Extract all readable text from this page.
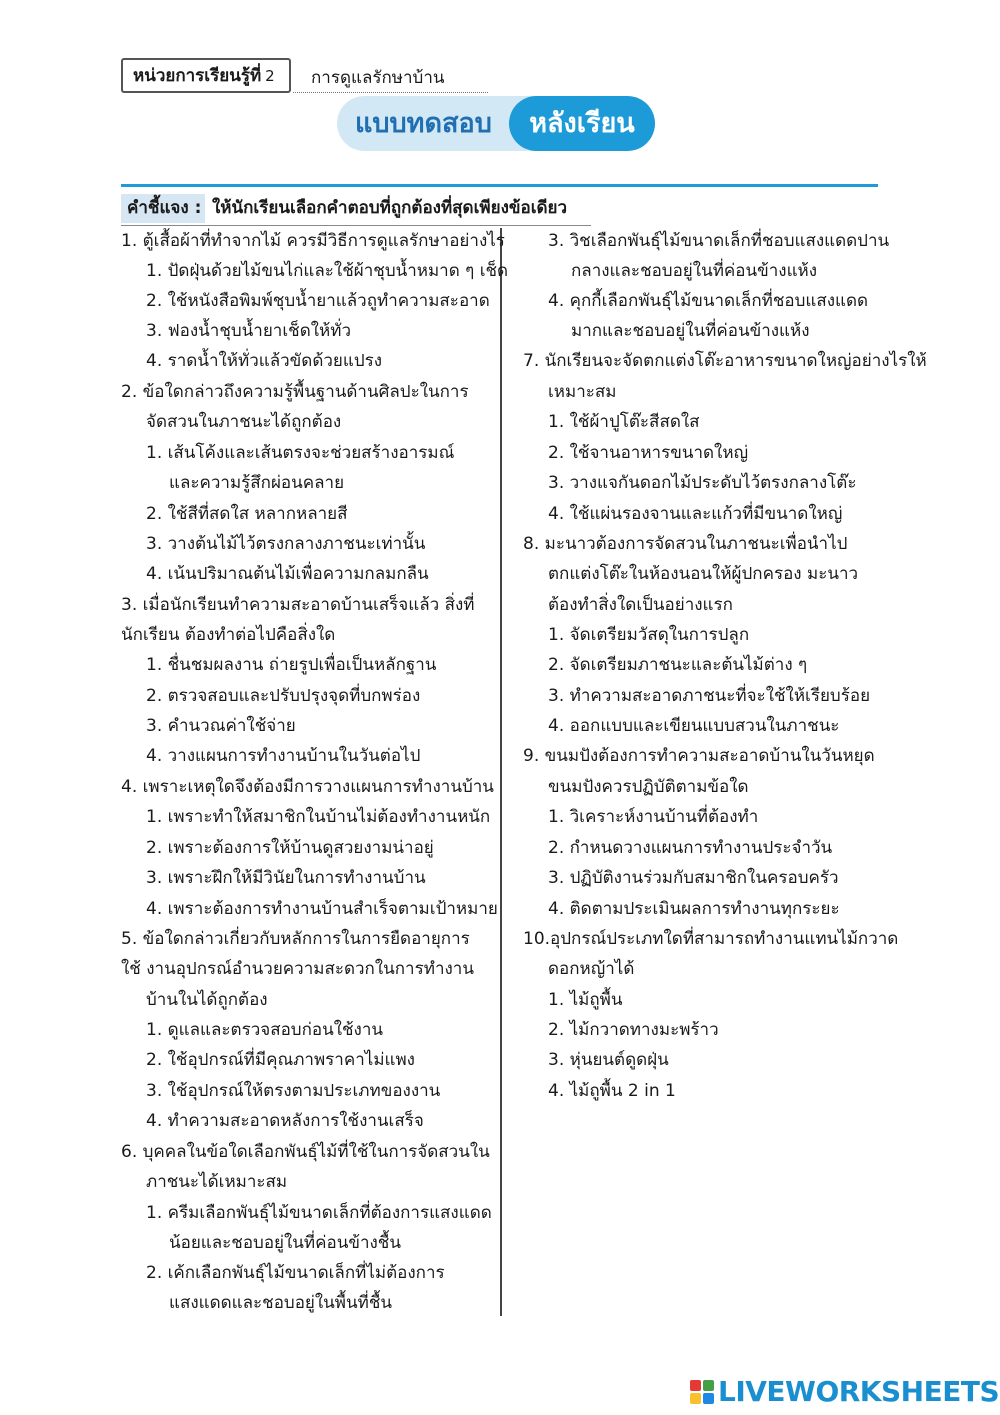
หน่วยการเรียนรู้ที่ 2	การดูแลรักษาบ้าน
แบบทดสอบ	หลังเรียน
คำชี้แจง : ให้นักเรียนเลือกคำตอบที่ถูกต้องที่สุดเพียงข้อเดียว
1. ตู้เสื้อผ้าที่ทำจากไม้ ควรมีวิธีการดูแลรักษาอย่างไร
1. ปัดฝุ่นด้วยไม้ขนไก่และใช้ผ้าชุบน้ำหมาด ๆ เช็ด
2. ใช้หนังสือพิมพ์ชุบน้ำยาแล้วถูทำความสะอาด
3. ฟองน้ำชุบน้ำยาเช็ดให้ทั่ว
4. ราดน้ำให้ทั่วแล้วขัดด้วยแปรง
2. ข้อใดกล่าวถึงความรู้พื้นฐานด้านศิลปะในการ
จัดสวนในภาชนะได้ถูกต้อง
1. เส้นโค้งและเส้นตรงจะช่วยสร้างอารมณ์
และความรู้สึกผ่อนคลาย
2. ใช้สีที่สดใส หลากหลายสี
3. วางต้นไม้ไว้ตรงกลางภาชนะเท่านั้น
4. เน้นปริมาณต้นไม้เพื่อความกลมกลืน
3. เมื่อนักเรียนทำความสะอาดบ้านเสร็จแล้ว สิ่งที่
นักเรียน ต้องทำต่อไปคือสิ่งใด
1. ชื่นชมผลงาน ถ่ายรูปเพื่อเป็นหลักฐาน
2. ตรวจสอบและปรับปรุงจุดที่บกพร่อง
3. คำนวณค่าใช้จ่าย
4. วางแผนการทำงานบ้านในวันต่อไป
4. เพราะเหตุใดจึงต้องมีการวางแผนการทำงานบ้าน
1. เพราะทำให้สมาชิกในบ้านไม่ต้องทำงานหนัก
2. เพราะต้องการให้บ้านดูสวยงามน่าอยู่
3. เพราะฝึกให้มีวินัยในการทำงานบ้าน
4. เพราะต้องการทำงานบ้านสำเร็จตามเป้าหมาย
5. ข้อใดกล่าวเกี่ยวกับหลักการในการยืดอายุการ
ใช้ งานอุปกรณ์อำนวยความสะดวกในการทำงาน
บ้านในได้ถูกต้อง
1. ดูแลและตรวจสอบก่อนใช้งาน
2. ใช้อุปกรณ์ที่มีคุณภาพราคาไม่แพง
3. ใช้อุปกรณ์ให้ตรงตามประเภทของงาน
4. ทำความสะอาดหลังการใช้งานเสร็จ
6. บุคคลในข้อใดเลือกพันธุ์ไม้ที่ใช้ในการจัดสวนใน
ภาชนะได้เหมาะสม
1. ครีมเลือกพันธุ์ไม้ขนาดเล็กที่ต้องการแสงแดด
น้อยและชอบอยู่ในที่ค่อนข้างชื้น
2. เค้กเลือกพันธุ์ไม้ขนาดเล็กที่ไม่ต้องการ
แสงแดดและชอบอยู่ในพื้นที่ชื้น
3. วิชเลือกพันธุ์ไม้ขนาดเล็กที่ชอบแสงแดดปาน
กลางและชอบอยู่ในที่ค่อนข้างแห้ง
4. คุกกี้เลือกพันธุ์ไม้ขนาดเล็กที่ชอบแสงแดด
มากและชอบอยู่ในที่ค่อนข้างแห้ง
7. นักเรียนจะจัดตกแต่งโต๊ะอาหารขนาดใหญ่อย่างไรให้
เหมาะสม
1. ใช้ผ้าปูโต๊ะสีสดใส
2. ใช้จานอาหารขนาดใหญ่
3. วางแจกันดอกไม้ประดับไว้ตรงกลางโต๊ะ
4. ใช้แผ่นรองจานและแก้วที่มีขนาดใหญ่
8. มะนาวต้องการจัดสวนในภาชนะเพื่อนำไป
ตกแต่งโต๊ะในห้องนอนให้ผู้ปกครอง มะนาว
ต้องทำสิ่งใดเป็นอย่างแรก
1. จัดเตรียมวัสดุในการปลูก
2. จัดเตรียมภาชนะและต้นไม้ต่าง ๆ
3. ทำความสะอาดภาชนะที่จะใช้ให้เรียบร้อย
4. ออกแบบและเขียนแบบสวนในภาชนะ
9. ขนมปังต้องการทำความสะอาดบ้านในวันหยุด
ขนมปังควรปฏิบัติตามข้อใด
1. วิเคราะห์งานบ้านที่ต้องทำ
2. กำหนดวางแผนการทำงานประจำวัน
3. ปฏิบัติงานร่วมกับสมาชิกในครอบครัว
4. ติดตามประเมินผลการทำงานทุกระยะ
10.อุปกรณ์ประเภทใดที่สามารถทำงานแทนไม้กวาด
ดอกหญ้าได้
1. ไม้ถูพื้น
2. ไม้กวาดทางมะพร้าว
3. หุ่นยนต์ดูดฝุ่น
4. ไม้ถูพื้น 2 in 1
LIVEWORKSHEETS
